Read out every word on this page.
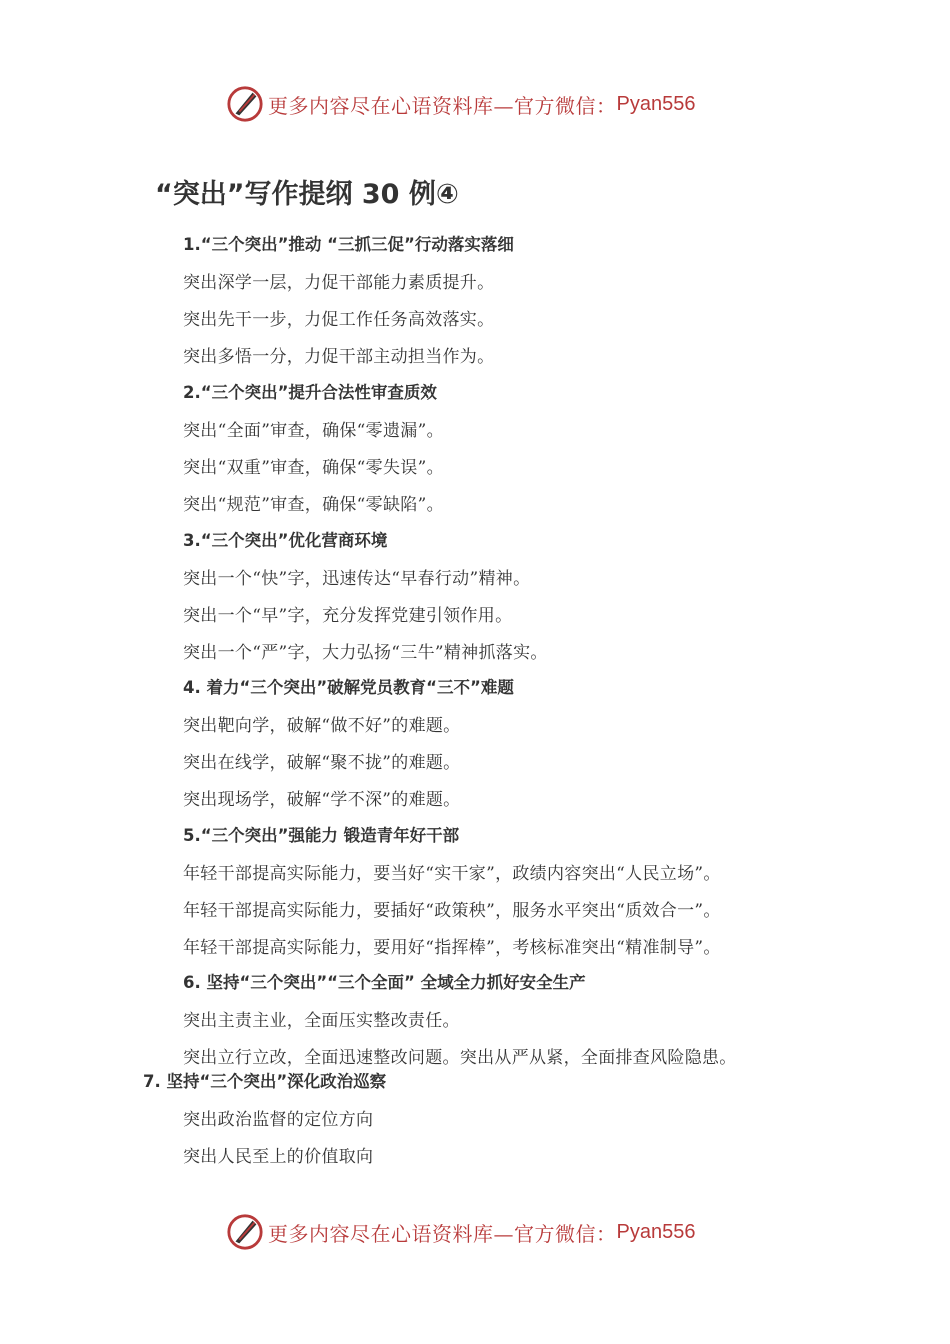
更多内容尽在心语资料库—官方微信： Pyan556
“突出”写作提纲 30 例④
1.“三个突出”推动 “三抓三促”行动落实落细
突出深学一层，力促干部能力素质提升。
突出先干一步，力促工作任务高效落实。
突出多悟一分，力促干部主动担当作为。
2.“三个突出”提升合法性审查质效
突出“全面”审查，确保“零遗漏”。
突出“双重”审查，确保“零失误”。
突出“规范”审查，确保“零缺陷”。
3.“三个突出”优化营商环境
突出一个“快”字，迅速传达“早春行动”精神。
突出一个“早”字，充分发挥党建引领作用。
突出一个“严”字，大力弘扬“三牛”精神抓落实。
4. 着力“三个突出”破解党员教育“三不”难题
突出靶向学，破解“做不好”的难题。
突出在线学，破解“聚不拢”的难题。
突出现场学，破解“学不深”的难题。
5.“三个突出”强能力 锻造青年好干部
年轻干部提高实际能力，要当好“实干家”，政绩内容突出“人民立场”。
年轻干部提高实际能力，要插好“政策秧”，服务水平突出“质效合一”。
年轻干部提高实际能力，要用好“指挥棒”，考核标准突出“精准制导”。
6. 坚持“三个突出”“三个全面” 全域全力抓好安全生产
突出主责主业，全面压实整改责任。
突出立行立改，全面迅速整改问题。突出从严从紧，全面排查风险隐患。
7. 坚持“三个突出”深化政治巡察
突出政治监督的定位方向
突出人民至上的价值取向
更多内容尽在心语资料库—官方微信： Pyan556
